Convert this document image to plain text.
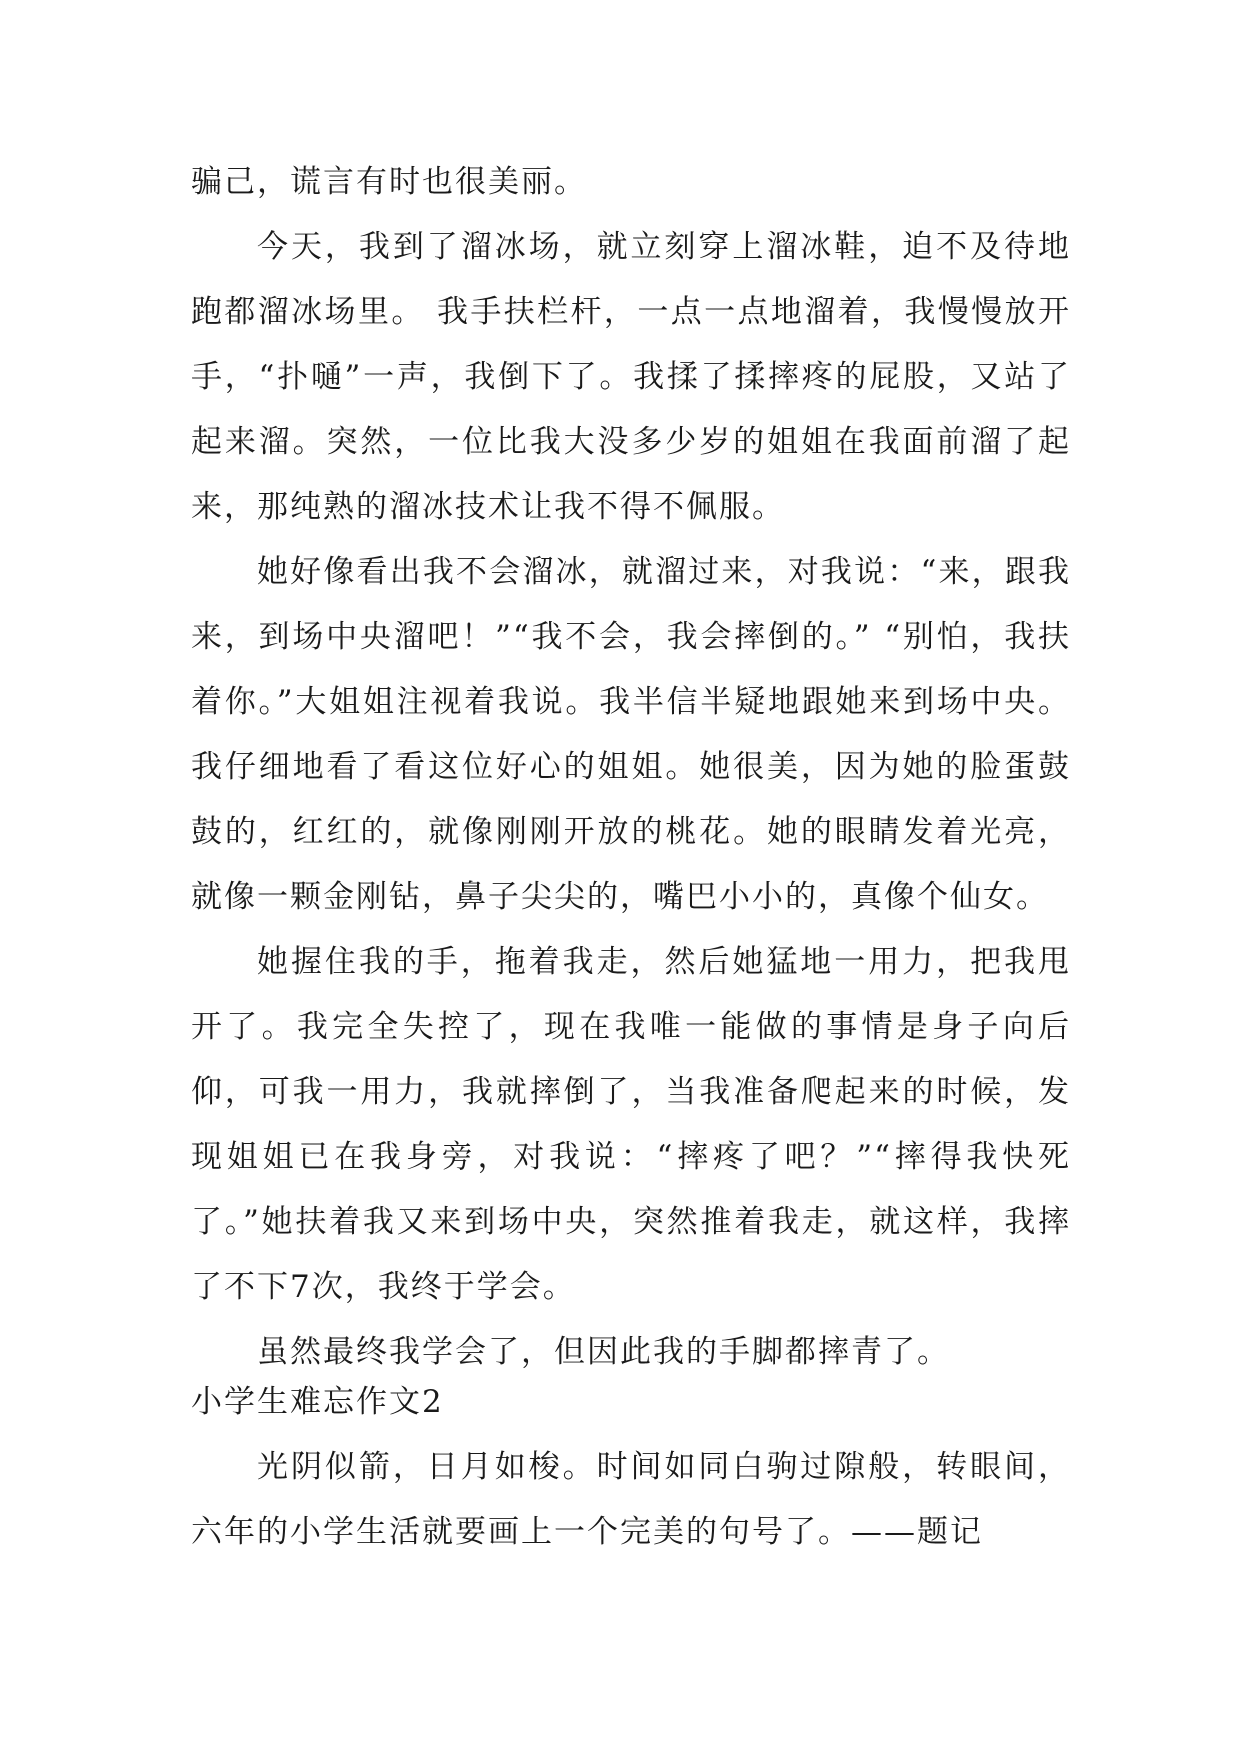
骗己，谎言有时也很美丽。

今天，我到了溜冰场，就立刻穿上溜冰鞋，迫不及待地跑都溜冰场里。 我手扶栏杆，一点一点地溜着，我慢慢放开手，“扑嗵”一声，我倒下了。我揉了揉摔疼的屁股，又站了起来溜。突然，一位比我大没多少岁的姐姐在我面前溜了起来，那纯熟的溜冰技术让我不得不佩服。

她好像看出我不会溜冰，就溜过来，对我说：“来，跟我来，到场中央溜吧！”“我不会，我会摔倒的。” “别怕，我扶着你。”大姐姐注视着我说。我半信半疑地跟她来到场中央。 我仔细地看了看这位好心的姐姐。她很美，因为她的脸蛋鼓鼓的，红红的，就像刚刚开放的桃花。她的眼睛发着光亮，就像一颗金刚钻，鼻子尖尖的，嘴巴小小的，真像个仙女。

她握住我的手，拖着我走，然后她猛地一用力，把我甩开了。我完全失控了，现在我唯一能做的事情是身子向后仰，可我一用力，我就摔倒了，当我准备爬起来的时候，发现姐姐已在我身旁，对我说：“摔疼了吧？”“摔得我快死了。”她扶着我又来到场中央，突然推着我走，就这样，我摔了不下7次，我终于学会。

虽然最终我学会了，但因此我的手脚都摔青了。

小学生难忘作文2

光阴似箭，日月如梭。时间如同白驹过隙般，转眼间，六年的小学生活就要画上一个完美的句号了。——题记
